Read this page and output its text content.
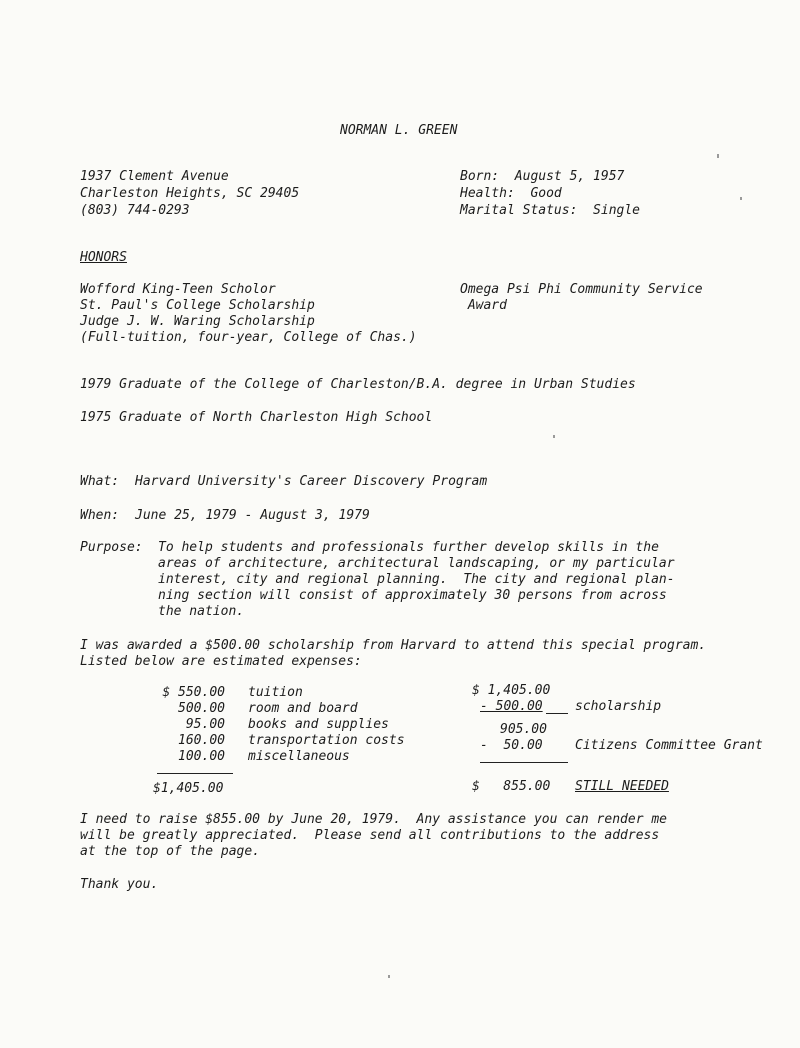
NORMAN L. GREEN
1937 Clement Avenue
Charleston Heights, SC 29405
(803) 744-0293
Born:  August 5, 1957
Health:  Good
Marital Status:  Single
HONORS
Wofford King-Teen Scholor
St. Paul's College Scholarship
Judge J. W. Waring Scholarship
(Full-tuition, four-year, College of Chas.)
Omega Psi Phi Community Service
Award
1979 Graduate of the College of Charleston/B.A. degree in Urban Studies
1975 Graduate of North Charleston High School
What: Harvard University's Career Discovery Program
When: June 25, 1979 - August 3, 1979
Purpose: To help students and professionals further develop skills in the
areas of architecture, architectural landscaping, or my particular
interest, city and regional planning.  The city and regional plan-
ning section will consist of approximately 30 persons from across
the nation.
I was awarded a $500.00 scholarship from Harvard to attend this special program.
Listed below are estimated expenses:
$ 550.00 tuition
500.00 room and board
95.00 books and supplies
160.00 transportation costs
100.00 miscellaneous
$1,405.00
$ 1,405.00
- 500.00 scholarship
905.00
-  50.00 Citizens Committee Grant
$   855.00 STILL NEEDED
I need to raise $855.00 by June 20, 1979.  Any assistance you can render me
will be greatly appreciated.  Please send all contributions to the address
at the top of the page.
Thank you.
